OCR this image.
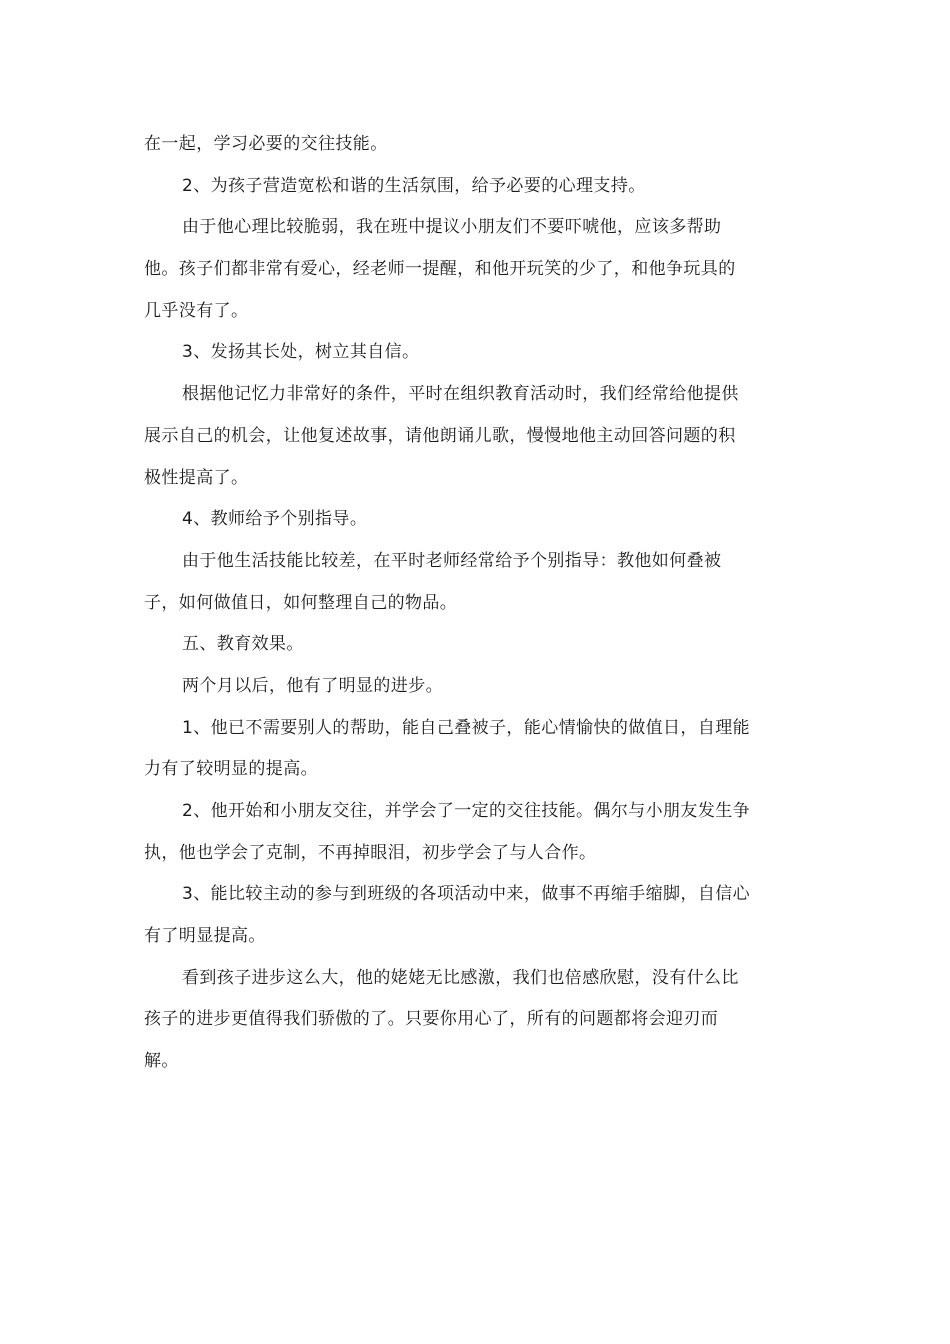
在一起，学习必要的交往技能。
2、为孩子营造宽松和谐的生活氛围，给予必要的心理支持。
由于他心理比较脆弱，我在班中提议小朋友们不要吓唬他，应该多帮助
他。孩子们都非常有爱心，经老师一提醒，和他开玩笑的少了，和他争玩具的
几乎没有了。
3、发扬其长处，树立其自信。
根据他记忆力非常好的条件，平时在组织教育活动时，我们经常给他提供
展示自己的机会，让他复述故事，请他朗诵儿歌，慢慢地他主动回答问题的积
极性提高了。
4、教师给予个别指导。
由于他生活技能比较差，在平时老师经常给予个别指导：教他如何叠被
子，如何做值日，如何整理自己的物品。
五、教育效果。
两个月以后，他有了明显的进步。
1、他已不需要别人的帮助，能自己叠被子，能心情愉快的做值日，自理能
力有了较明显的提高。
2、他开始和小朋友交往，并学会了一定的交往技能。偶尔与小朋友发生争
执，他也学会了克制，不再掉眼泪，初步学会了与人合作。
3、能比较主动的参与到班级的各项活动中来，做事不再缩手缩脚，自信心
有了明显提高。
看到孩子进步这么大，他的姥姥无比感激，我们也倍感欣慰，没有什么比
孩子的进步更值得我们骄傲的了。只要你用心了，所有的问题都将会迎刃而
解。
